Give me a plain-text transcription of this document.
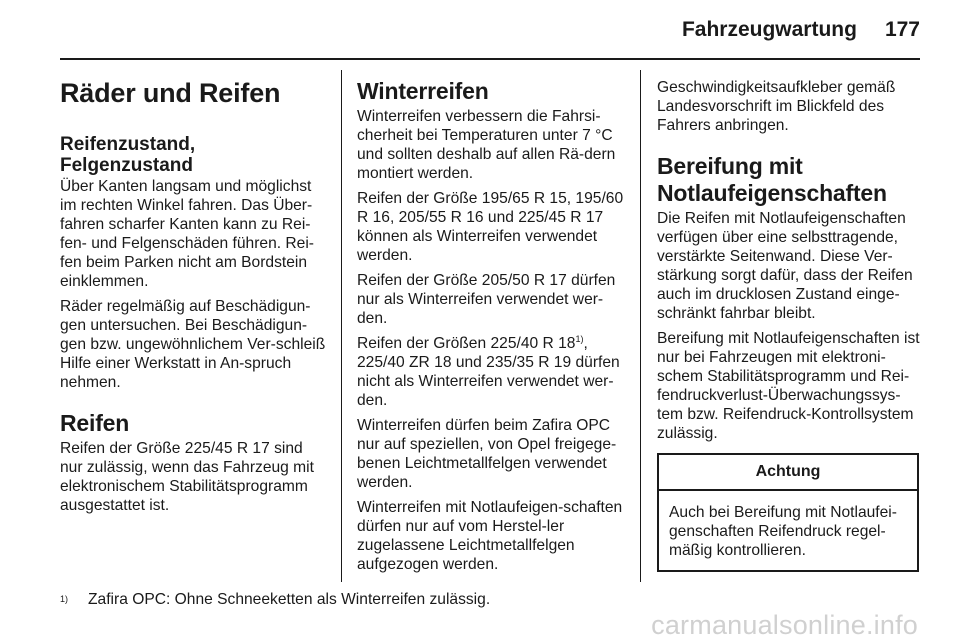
Fahrzeugwartung 177
Räder und Reifen
Reifenzustand, Felgenzustand

Über Kanten langsam und möglichst im rechten Winkel fahren. Das Über-fahren scharfer Kanten kann zu Rei-fen- und Felgenschäden führen. Rei-fen beim Parken nicht am Bordstein einklemmen.

Räder regelmäßig auf Beschädigun-gen untersuchen. Bei Beschädigun-gen bzw. ungewöhnlichem Ver-schleiß Hilfe einer Werkstatt in An-spruch nehmen.

Reifen

Reifen der Größe 225/45 R 17 sind nur zulässig, wenn das Fahrzeug mit elektronischem Stabilitätsprogramm ausgestattet ist.

Winterreifen

Winterreifen verbessern die Fahrsi-cherheit bei Temperaturen unter 7 °C und sollten deshalb auf allen Rä-dern montiert werden.

Reifen der Größe 195/65 R 15, 195/60 R 16, 205/55 R 16 und 225/45 R 17 können als Winterreifen verwendet werden.

Reifen der Größe 205/50 R 17 dürfen nur als Winterreifen verwendet wer-den.

Reifen der Größen 225/40 R 18$^{1)}$, 225/40 ZR 18 und 235/35 R 19 dürfen nicht als Winterreifen verwendet wer-den.

Winterreifen dürfen beim Zafira OPC nur auf speziellen, von Opel freigege-benen Leichtmetallfelgen verwendet werden.

Winterreifen mit Notlaufeigen-schaften dürfen nur auf vom Herstel-ler zugelassene Leichtmetallfelgen aufgezogen werden.

Geschwindigkeitsaufkleber gemäß Landesvorschrift im Blickfeld des Fahrers anbringen.

Bereifung mit Notlaufeigenschaften

Die Reifen mit Notlaufeigenschaften verfügen über eine selbsttragende, verstärkte Seitenwand. Diese Ver-stärkung sorgt dafür, dass der Reifen auch im drucklosen Zustand einge-schränkt fahrbar bleibt.

Bereifung mit Notlaufeigenschaften ist nur bei Fahrzeugen mit elektroni-schem Stabilitätsprogramm und Rei-fendruckverlust-Überwachungssys-tem bzw. Reifendruck-Kontrollsystem zulässig.

Achtung
Auch bei Bereifung mit Notlaufei-genschaften Reifendruck regel-mäßig kontrollieren.
1)	Zafira OPC: Ohne Schneeketten als Winterreifen zulässig.
carmanualsonline.info
